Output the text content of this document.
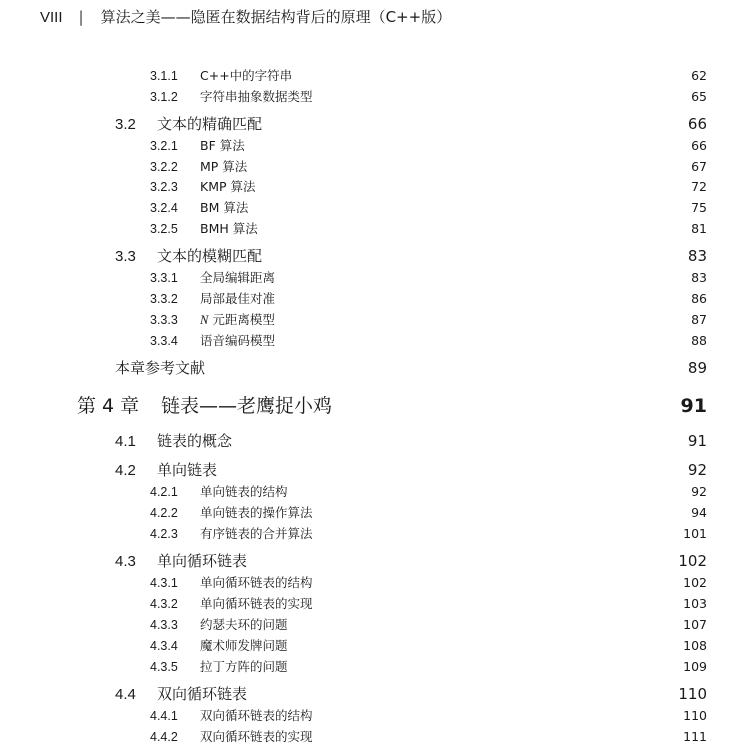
VIII | 算法之美——隐匿在数据结构背后的原理（C++版）
3.1.1	C++中的字符串 .....	62
3.1.2	字符串抽象数据类型 .....	65
3.2	文本的精确匹配 .....	66
3.2.1	BF 算法 .....	66
3.2.2	MP 算法 .....	67
3.2.3	KMP 算法 .....	72
3.2.4	BM 算法 .....	75
3.2.5	BMH 算法 .....	81
3.3	文本的模糊匹配 .....	83
3.3.1	全局编辑距离 .....	83
3.3.2	局部最佳对准 .....	86
3.3.3	N 元距离模型 .....	87
3.3.4	语音编码模型 .....	88
本章参考文献 .....	89
第 4 章	链表——老鹰捉小鸡 .....	91
4.1	链表的概念 .....	91
4.2	单向链表 .....	92
4.2.1	单向链表的结构 .....	92
4.2.2	单向链表的操作算法 .....	94
4.2.3	有序链表的合并算法 .....	101
4.3	单向循环链表 .....	102
4.3.1	单向循环链表的结构 .....	102
4.3.2	单向循环链表的实现 .....	103
4.3.3	约瑟夫环的问题 .....	107
4.3.4	魔术师发牌问题 .....	108
4.3.5	拉丁方阵的问题 .....	109
4.4	双向循环链表 .....	110
4.4.1	双向循环链表的结构 .....	110
4.4.2	双向循环链表的实现 .....	111
